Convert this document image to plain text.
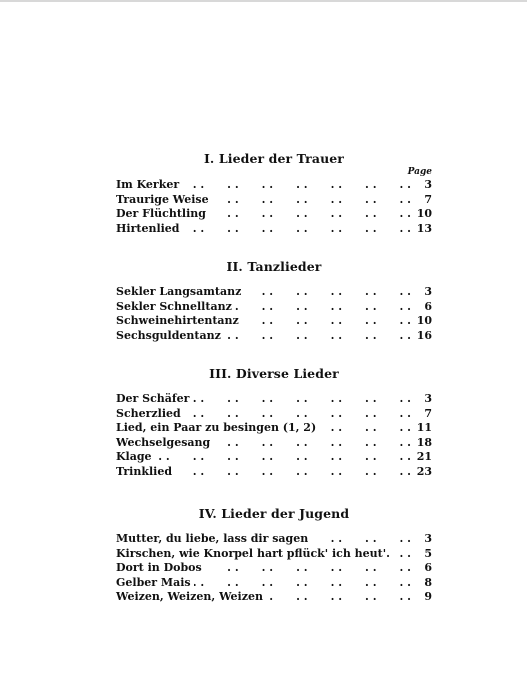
I. Lieder der Trauer
Page
Im Kerker . .	3
Traurige Weise . .	7
Der Flüchtling . .	10
Hirtenlied . .	13
II. Tanzlieder
Sekler Langsamtanz . .	3
Sekler Schnelltanz . .	6
Schweinehirtentanz . .	10
Sechsguldentanz . .	16
III. Diverse Lieder
Der Schäfer . .	3
Scherzlied . .	7
Lied, ein Paar zu besingen (1, 2) . .	11
Wechselgesang . .	18
Klage . .	21
Trinklied . .	23
IV. Lieder der Jugend
Mutter, du liebe, lass dir sagen . .	3
Kirschen, wie Knorpel hart pflück' ich heut'. . .	5
Dort in Dobos . .	6
Gelber Mais . .	8
Weizen, Weizen, Weizen . .	9
